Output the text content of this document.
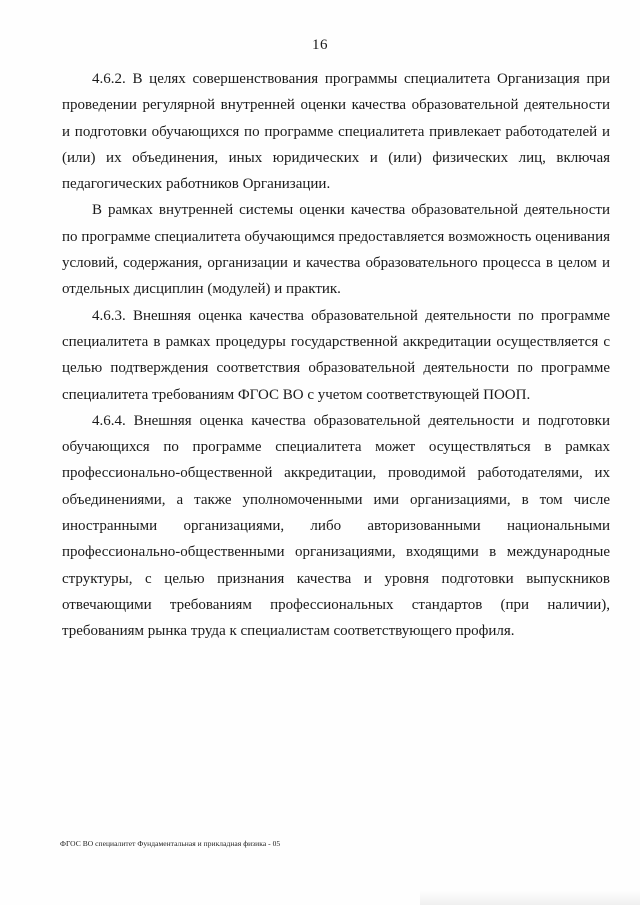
16

4.6.2. В целях совершенствования программы специалитета Организация при проведении регулярной внутренней оценки качества образовательной деятельности и подготовки обучающихся по программе специалитета привлекает работодателей и (или) их объединения, иных юридических и (или) физических лиц, включая педагогических работников Организации.

В рамках внутренней системы оценки качества образовательной деятельности по программе специалитета обучающимся предоставляется возможность оценивания условий, содержания, организации и качества образовательного процесса в целом и отдельных дисциплин (модулей) и практик.

4.6.3. Внешняя оценка качества образовательной деятельности по программе специалитета в рамках процедуры государственной аккредитации осуществляется с целью подтверждения соответствия образовательной деятельности по программе специалитета требованиям ФГОС ВО с учетом соответствующей ПООП.

4.6.4. Внешняя оценка качества образовательной деятельности и подготовки обучающихся по программе специалитета может осуществляться в рамках профессионально-общественной аккредитации, проводимой работодателями, их объединениями, а также уполномоченными ими организациями, в том числе иностранными организациями, либо авторизованными национальными профессионально-общественными организациями, входящими в международные структуры, с целью признания качества и уровня подготовки выпускников отвечающими требованиям профессиональных стандартов (при наличии), требованиям рынка труда к специалистам соответствующего профиля.

ФГОС ВО специалитет Фундаментальная и прикладная физика - 05
